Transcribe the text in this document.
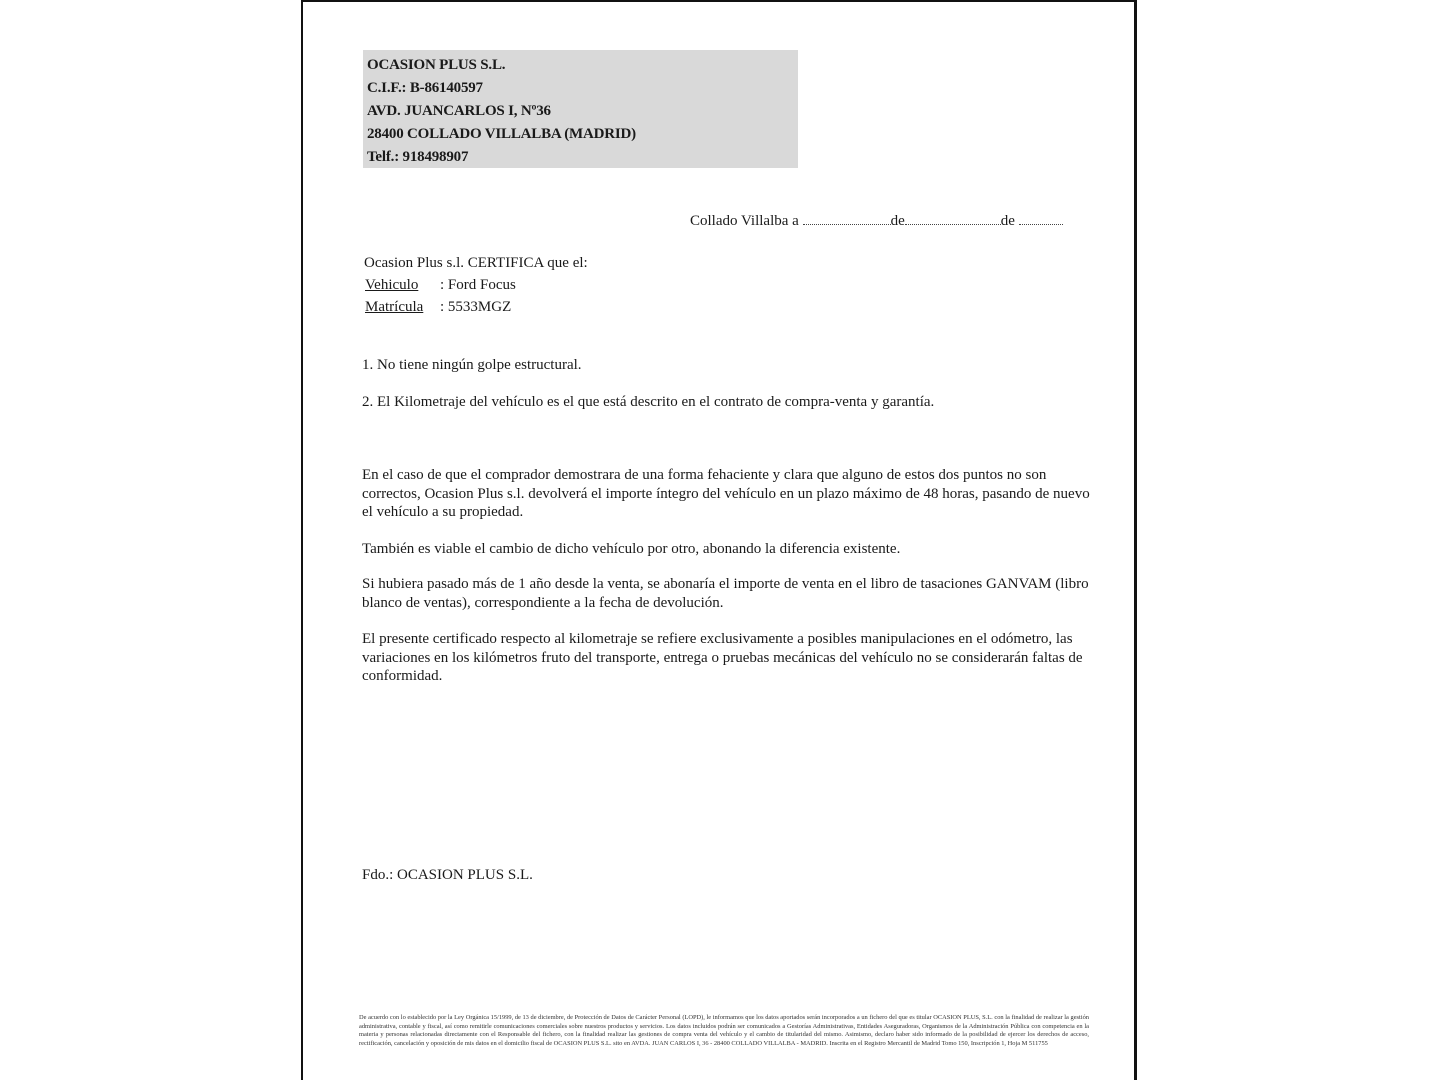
OCASION PLUS S.L.
C.I.F.: B-86140597
AVD. JUANCARLOS I, Nº36
28400 COLLADO VILLALBA (MADRID)
Telf.: 918498907
Collado Villalba a	de	de
Ocasion Plus s.l. CERTIFICA que el:
Vehiculo : Ford Focus
Matrícula : 5533MGZ
1. No tiene ningún golpe estructural.
2. El Kilometraje del vehículo es el que está descrito en el contrato de compra-venta y garantía.
En el caso de que el comprador demostrara de una forma fehaciente y clara que alguno de estos dos puntos no son correctos, Ocasion Plus s.l. devolverá el importe íntegro del vehículo en un plazo máximo de 48 horas, pasando de nuevo el vehículo a su propiedad.
También es viable el cambio de dicho vehículo por otro, abonando la diferencia existente.
Si hubiera pasado más de 1 año desde la venta, se abonaría el importe de venta en el libro de tasaciones GANVAM (libro blanco de ventas), correspondiente a la fecha de devolución.
El presente certificado respecto al kilometraje se refiere exclusivamente a posibles manipulaciones en el odómetro, las variaciones en los kilómetros fruto del transporte, entrega o pruebas mecánicas del vehículo no se considerarán faltas de conformidad.
Fdo.: OCASION PLUS S.L.
De acuerdo con lo establecido por la Ley Orgánica 15/1999, de 13 de diciembre, de Protección de Datos de Carácter Personal (LOPD), le informamos que los datos aportados serán incorporados a un fichero del que es titular OCASION PLUS, S.L. con la finalidad de realizar la gestión administrativa, contable y fiscal, así como remitirle comunicaciones comerciales sobre nuestros productos y servicios. Los datos incluidos podrán ser comunicados a Gestorías Administrativas, Entidades Aseguradoras, Organismos de la Administración Pública con competencia en la materia y personas relacionadas directamente con el Responsable del fichero, con la finalidad realizar las gestiones de compra venta del vehículo y el cambio de titularidad del mismo. Asimismo, declaro haber sido informado de la posibilidad de ejercer los derechos de acceso, rectificación, cancelación y oposición de mis datos en el domicilio fiscal de OCASION PLUS S.L. sito en AVDA. JUAN CARLOS I, 36 - 28400 COLLADO VILLALBA - MADRID. Inscrita en el Registro Mercantil de Madrid Tomo 150, Inscripción 1, Hoja M 511755
